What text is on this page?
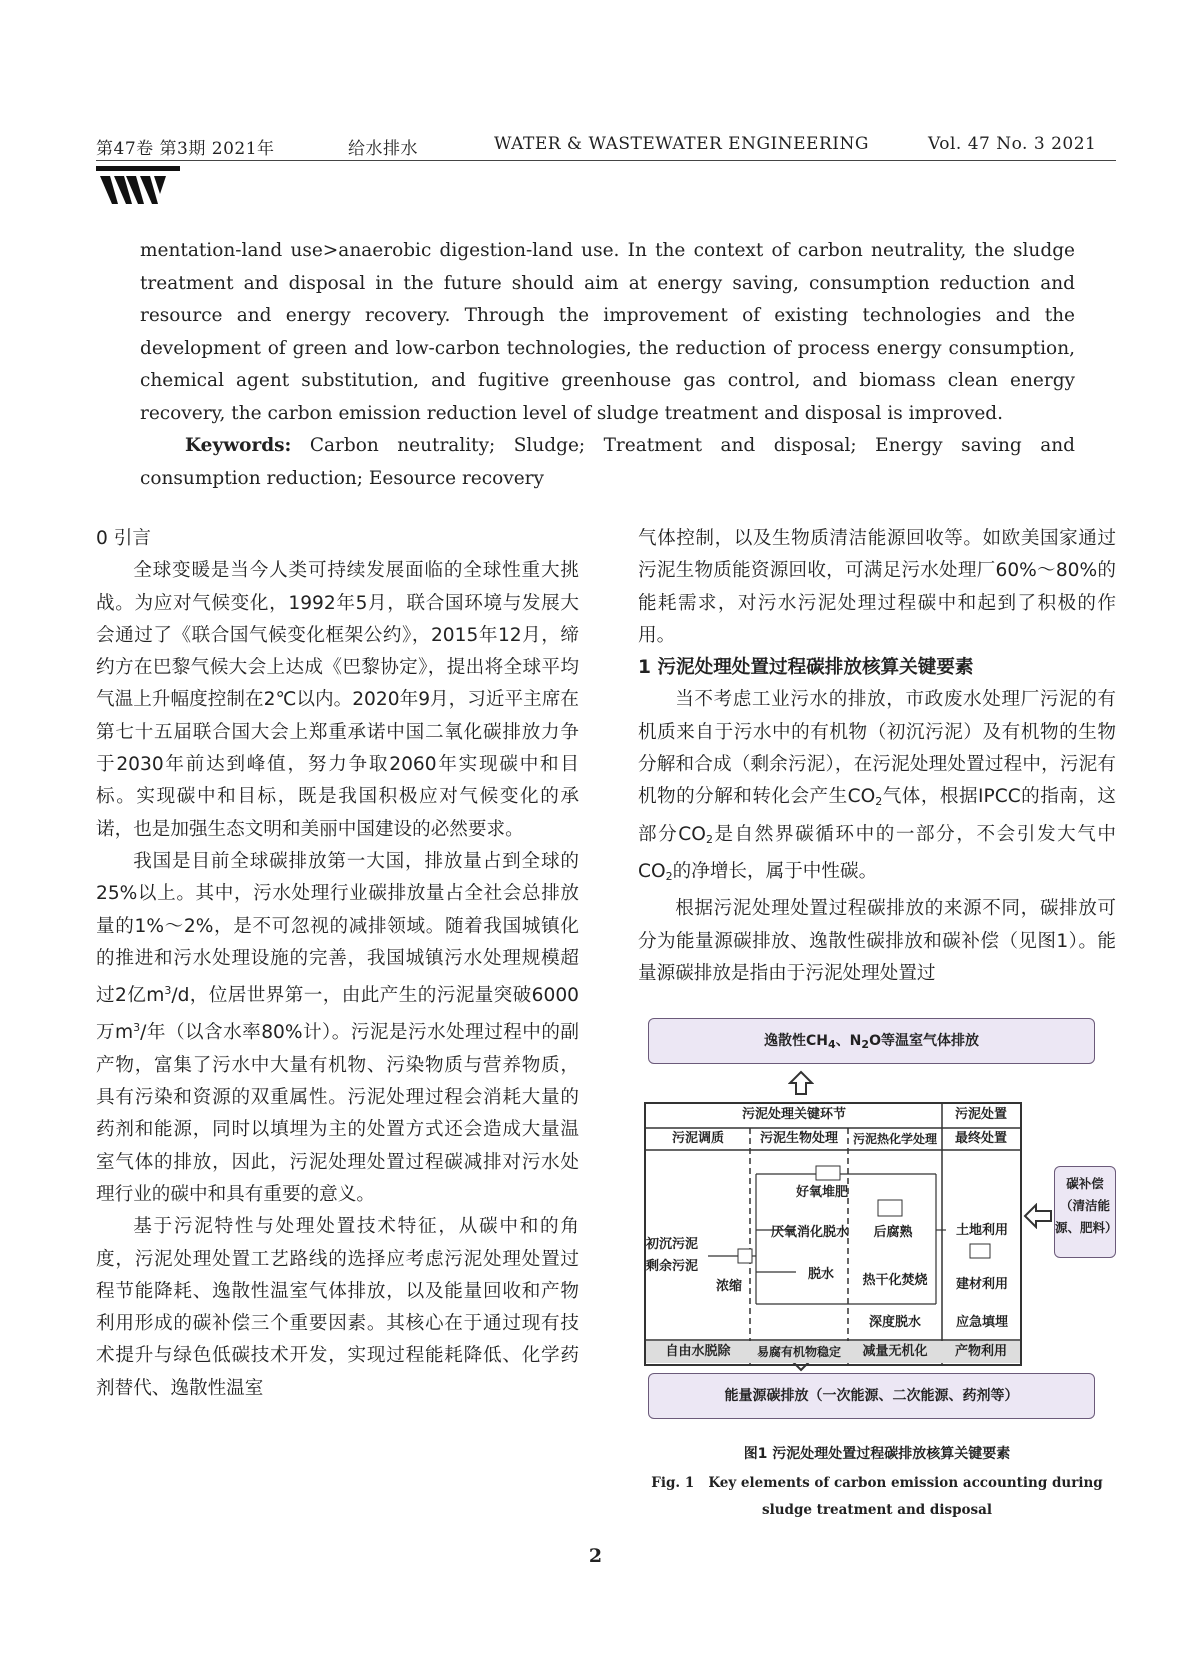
第47卷 第3期 2021年	给水排水	WATER & WASTEWATER ENGINEERING	Vol. 47 No. 3 2021

mentation-land use>anaerobic digestion-land use. In the context of carbon neutrality, the sludge treatment and disposal in the future should aim at energy saving, consumption reduction and resource and energy recovery. Through the improvement of existing technologies and the development of green and low-carbon technologies, the reduction of process energy consumption, chemical agent substitution, and fugitive greenhouse gas control, and biomass clean energy recovery, the carbon emission reduction level of sludge treatment and disposal is improved.

Keywords: Carbon neutrality; Sludge; Treatment and disposal; Energy saving and consumption reduction; Eesource recovery

0 引言

全球变暖是当今人类可持续发展面临的全球性重大挑战。为应对气候变化，1992年5月，联合国环境与发展大会通过了《联合国气候变化框架公约》，2015年12月，缔约方在巴黎气候大会上达成《巴黎协定》，提出将全球平均气温上升幅度控制在2℃以内。2020年9月，习近平主席在第七十五届联合国大会上郑重承诺中国二氧化碳排放力争于2030年前达到峰值，努力争取2060年实现碳中和目标。实现碳中和目标，既是我国积极应对气候变化的承诺，也是加强生态文明和美丽中国建设的必然要求。

我国是目前全球碳排放第一大国，排放量占到全球的25%以上。其中，污水处理行业碳排放量占全社会总排放量的1%～2%，是不可忽视的减排领域。随着我国城镇化的推进和污水处理设施的完善，我国城镇污水处理规模超过2亿$m^3/d$，位居世界第一，由此产生的污泥量突破6000万$m^3/$年（以含水率80%计）。污泥是污水处理过程中的副产物，富集了污水中大量有机物、污染物质与营养物质，具有污染和资源的双重属性。污泥处理过程会消耗大量的药剂和能源，同时以填埋为主的处置方式还会造成大量温室气体的排放，因此，污泥处理处置过程碳减排对污水处理行业的碳中和具有重要的意义。

基于污泥特性与处理处置技术特征，从碳中和的角度，污泥处理处置工艺路线的选择应考虑污泥处理处置过程节能降耗、逸散性温室气体排放，以及能量回收和产物利用形成的碳补偿三个重要因素。其核心在于通过现有技术提升与绿色低碳技术开发，实现过程能耗降低、化学药剂替代、逸散性温室

气体控制，以及生物质清洁能源回收等。如欧美国家通过污泥生物质能资源回收，可满足污水处理厂60%～80%的能耗需求，对污水污泥处理过程碳中和起到了积极的作用。

1 污泥处理处置过程碳排放核算关键要素

当不考虑工业污水的排放，市政废水处理厂污泥的有机质来自于污水中的有机物（初沉污泥）及有机物的生物分解和合成（剩余污泥），在污泥处理处置过程中，污泥有机物的分解和转化会产生$CO_2$气体，根据IPCC的指南，这部分$CO_2$是自然界碳循环中的一部分，不会引发大气中$CO_2$的净增长，属于中性碳。

根据污泥处理处置过程碳排放的来源不同，碳排放可分为能量源碳排放、逸散性碳排放和碳补偿（见图1）。能量源碳排放是指由于污泥处理处置过

逸散性$CH_4$、$N_2O$等温室气体排放
污泥处理关键环节	污泥处置
污泥调质	污泥生物处理	污泥热化学处理	最终处置
好氧堆肥
厌氧消化脱水	后腐熟
初沉污泥
剩余污泥
浓缩
脱水	热干化焚烧
深度脱水
土地利用
建材利用
应急填埋
自由水脱除	易腐有机物稳定	减量无机化	产物利用
碳补偿
（清洁能
源、肥料）
能量源碳排放（一次能源、二次能源、药剂等）
图1 污泥处理处置过程碳排放核算关键要素
Fig. 1 Key elements of carbon emission accounting during sludge treatment and disposal
2
